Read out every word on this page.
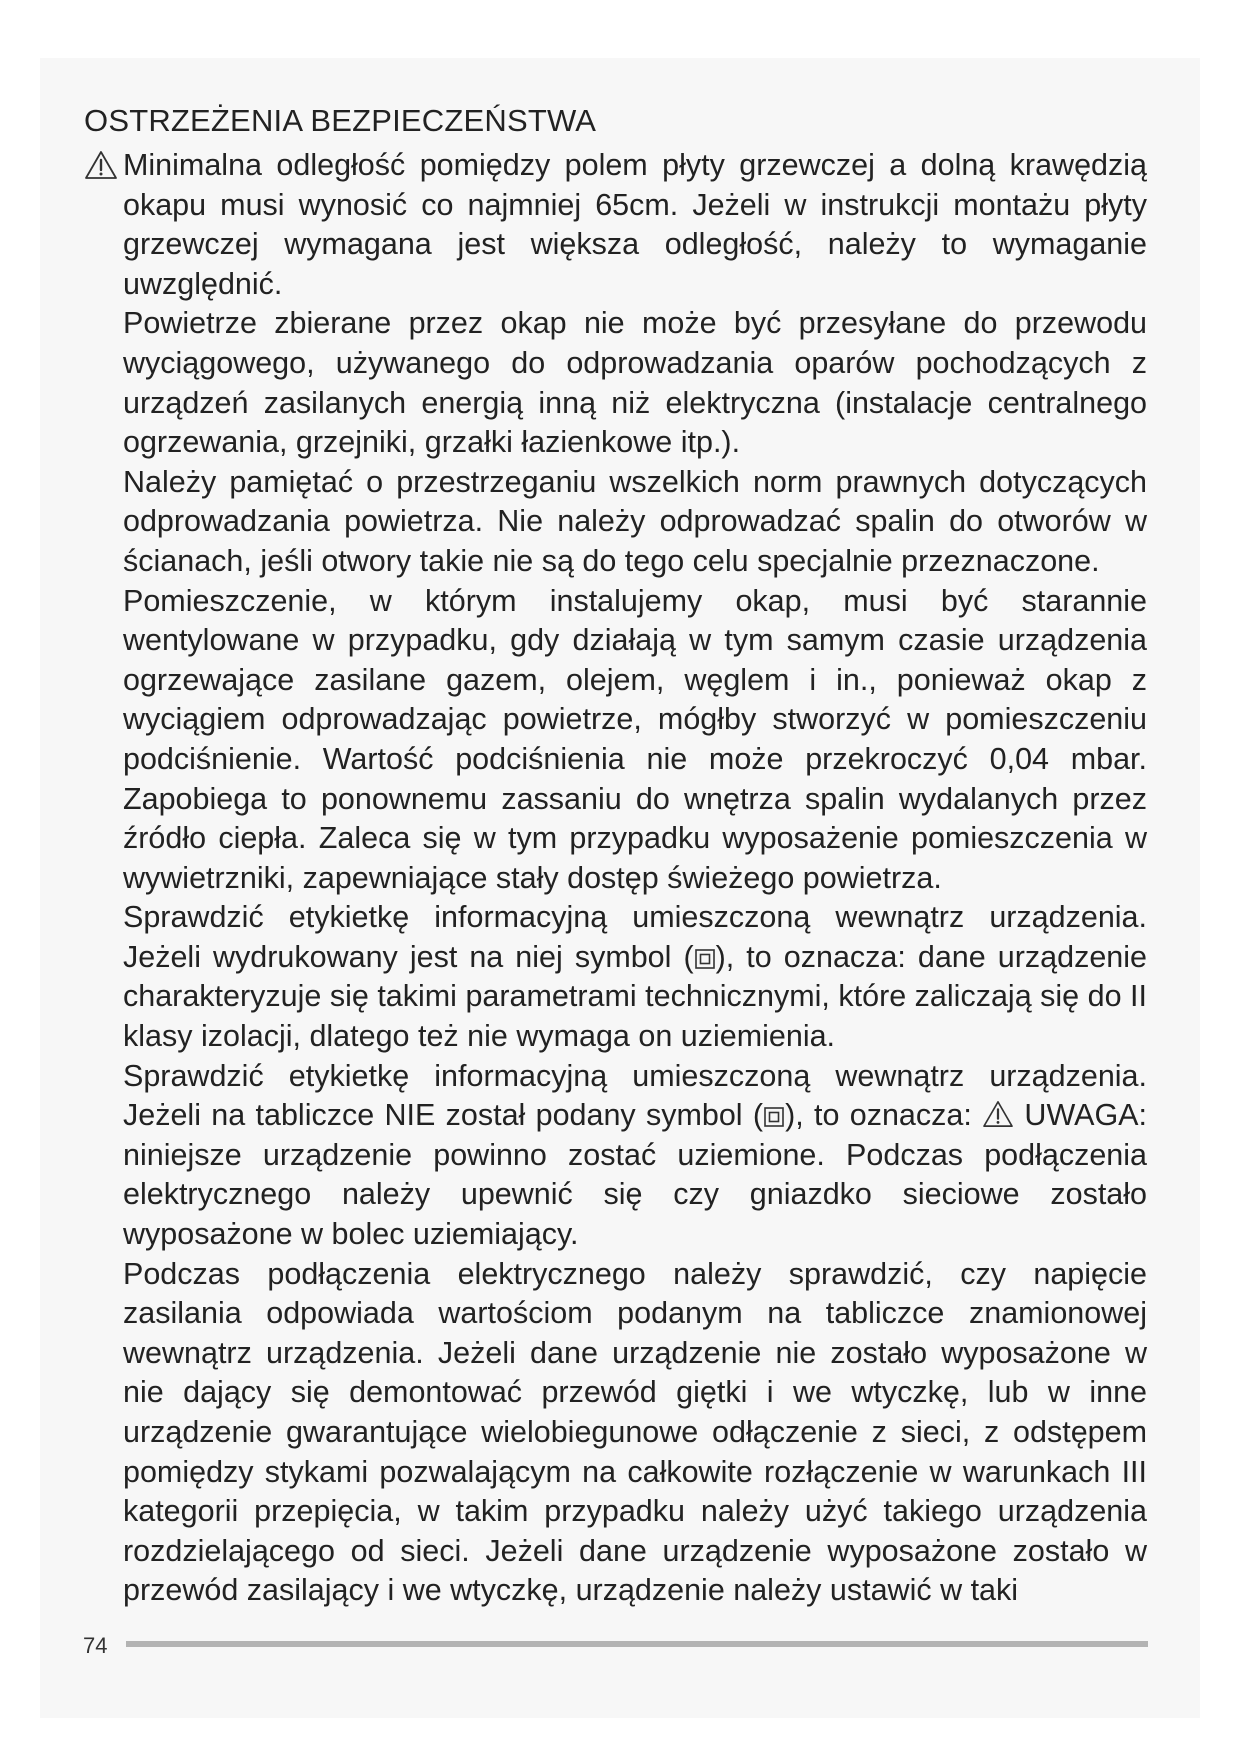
OSTRZEŻENIA BEZPIECZEŃSTWA

Minimalna odległość pomiędzy polem płyty grzewczej a dolną krawędzią okapu musi wynosić co najmniej 65cm. Jeżeli w instrukcji montażu płyty grzewczej wymagana jest większa odległość, należy to wymaganie uwzględnić.

Powietrze zbierane przez okap nie może być przesyłane do przewodu wyciągowego, używanego do odprowadzania oparów pochodzących z urządzeń zasilanych energią inną niż elektryczna (instalacje centralnego ogrzewania, grzejniki, grzałki łazienkowe itp.).

Należy pamiętać o przestrzeganiu wszelkich norm prawnych dotyczących odprowadzania powietrza. Nie należy odprowadzać spalin do otworów w ścianach, jeśli otwory takie nie są do tego celu specjalnie przeznaczone.

Pomieszczenie, w którym instalujemy okap, musi być starannie wentylowane w przypadku, gdy działają w tym samym czasie urządzenia ogrzewające zasilane gazem, olejem, węglem i in., ponieważ okap z wyciągiem odprowadzając powietrze, mógłby stworzyć w pomieszczeniu podciśnienie. Wartość podciśnienia nie może przekroczyć 0,04 mbar. Zapobiega to ponownemu zassaniu do wnętrza spalin wydalanych przez źródło ciepła. Zaleca się w tym przypadku wyposażenie pomieszczenia w wywietrzniki, zapewniające stały dostęp świeżego powietrza.

Sprawdzić etykietkę informacyjną umieszczoną wewnątrz urządzenia. Jeżeli wydrukowany jest na niej symbol ( ), to oznacza: dane urządzenie charakteryzuje się takimi parametrami technicznymi, które zaliczają się do II klasy izolacji, dlatego też nie wymaga on uziemienia.

Sprawdzić etykietkę informacyjną umieszczoną wewnątrz urządzenia. Jeżeli na tabliczce NIE został podany symbol ( ), to oznacza:  UWAGA: niniejsze urządzenie powinno zostać uziemione. Podczas podłączenia elektrycznego należy upewnić się czy gniazdko sieciowe zostało wyposażone w bolec uziemiający.

Podczas podłączenia elektrycznego należy sprawdzić, czy napięcie zasilania odpowiada wartościom podanym na tabliczce znamionowej wewnątrz urządzenia. Jeżeli dane urządzenie nie zostało wyposażone w nie dający się demontować przewód giętki i we wtyczkę, lub w inne urządzenie gwarantujące wielobiegunowe odłączenie z sieci, z odstępem pomiędzy stykami pozwalającym na całkowite rozłączenie w warunkach III kategorii przepięcia, w takim przypadku należy użyć takiego urządzenia rozdzielającego od sieci. Jeżeli dane urządzenie wyposażone zostało w przewód zasilający i we wtyczkę, urządzenie należy ustawić w taki

74
